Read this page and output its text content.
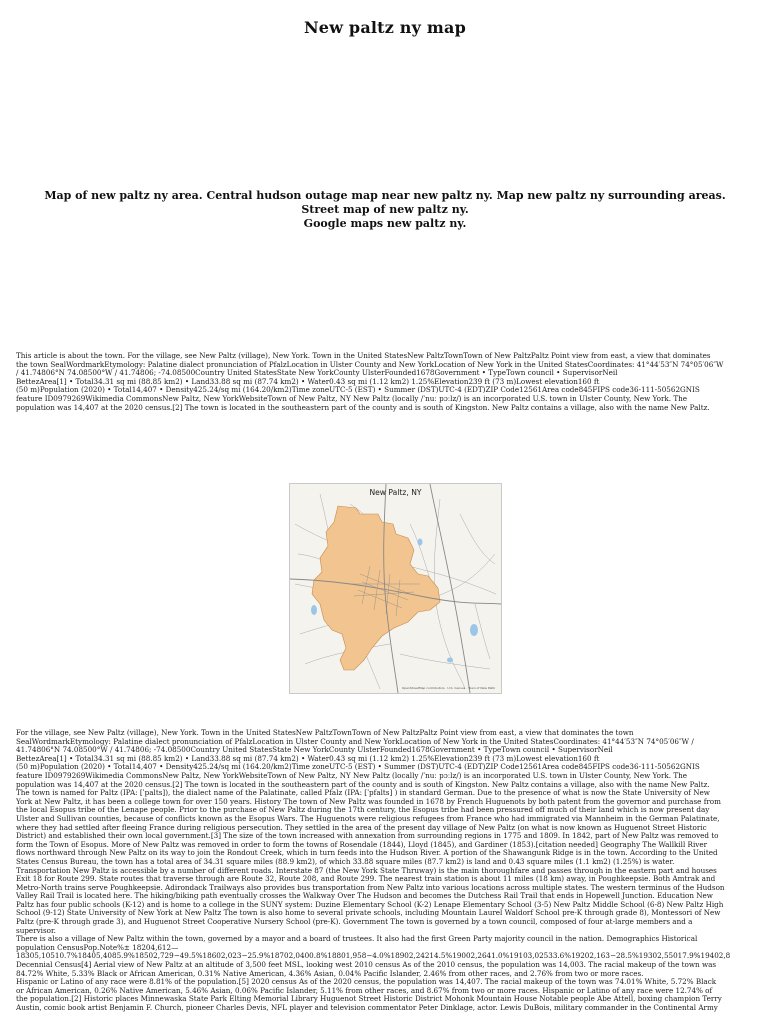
New paltz ny map
Map of new paltz ny area. Central hudson outage map near new paltz ny. Map new paltz ny surrounding areas.
Street map of new paltz ny.
Google maps new paltz ny.
This article is about the town. For the village, see New Paltz (village), New York. Town in the United StatesNew PaltzTownTown of New PaltzPaltz Point view from east, a view that dominates
the town SealWordmarkEtymology: Palatine dialect pronunciation of PfalzLocation in Ulster County and New YorkLocation of New York in the United StatesCoordinates: 41°44′53″N 74°05′06″W
/ 41.74806°N 74.08500°W / 41.74806; -74.08500Country United StatesState New YorkCounty UlsterFounded1678Government • TypeTown council • SupervisorNeil
BettezArea[1] • Total34.31 sq mi (88.85 km2) • Land33.88 sq mi (87.74 km2) • Water0.43 sq mi (1.12 km2) 1.25%Elevation239 ft (73 m)Lowest elevation160 ft
(50 m)Population (2020) • Total14,407 • Density425.24/sq mi (164.20/km2)Time zoneUTC-5 (EST) • Summer (DST)UTC-4 (EDT)ZIP Code12561Area code845FIPS code36-111-50562GNIS
feature ID0979269Wikimedia CommonsNew Paltz, New YorkWebsiteTown of New Paltz, NY New Paltz (locally /ˈnuː pɔːlz/) is an incorporated U.S. town in Ulster County, New York. The
population was 14,407 at the 2020 census.[2] The town is located in the southeastern part of the county and is south of Kingston. New Paltz contains a village, also with the name New Paltz.
New Paltz, NY
OpenStreetMap contributors · U.S. Census · Town of New Paltz
For the village, see New Paltz (village), New York. Town in the United StatesNew PaltzTownTown of New PaltzPaltz Point view from east, a view that dominates the town
SealWordmarkEtymology: Palatine dialect pronunciation of PfalzLocation in Ulster County and New YorkLocation of New York in the United StatesCoordinates: 41°44′53″N 74°05′06″W /
41.74806°N 74.08500°W / 41.74806; -74.08500Country United StatesState New YorkCounty UlsterFounded1678Government • TypeTown council • SupervisorNeil
BettezArea[1] • Total34.31 sq mi (88.85 km2) • Land33.88 sq mi (87.74 km2) • Water0.43 sq mi (1.12 km2) 1.25%Elevation239 ft (73 m)Lowest elevation160 ft
(50 m)Population (2020) • Total14,407 • Density425.24/sq mi (164.20/km2)Time zoneUTC-5 (EST) • Summer (DST)UTC-4 (EDT)ZIP Code12561Area code845FIPS code36-111-50562GNIS
feature ID0979269Wikimedia CommonsNew Paltz, New YorkWebsiteTown of New Paltz, NY New Paltz (locally /ˈnuː pɔːlz/) is an incorporated U.S. town in Ulster County, New York. The
population was 14,407 at the 2020 census.[2] The town is located in the southeastern part of the county and is south of Kingston. New Paltz contains a village, also with the name New Paltz.
The town is named for Paltz (IPA: [ˈpalts]), the dialect name of the Palatinate, called Pfalz (IPA: [ˈpfalts] ) in standard German. Due to the presence of what is now the State University of New
York at New Paltz, it has been a college town for over 150 years. History The town of New Paltz was founded in 1678 by French Huguenots by both patent from the governor and purchase from
the local Esopus tribe of the Lenape people. Prior to the purchase of New Paltz during the 17th century, the Esopus tribe had been pressured off much of their land which is now present day
Ulster and Sullivan counties, because of conflicts known as the Esopus Wars. The Huguenots were religious refugees from France who had immigrated via Mannheim in the German Palatinate,
where they had settled after fleeing France during religious persecution. They settled in the area of the present day village of New Paltz (on what is now known as Huguenot Street Historic
District) and established their own local government.[3] The size of the town increased with annexation from surrounding regions in 1775 and 1809. In 1842, part of New Paltz was removed to
form the Town of Esopus. More of New Paltz was removed in order to form the towns of Rosendale (1844), Lloyd (1845), and Gardiner (1853).[citation needed] Geography The Wallkill River
flows northward through New Paltz on its way to join the Rondout Creek, which in turn feeds into the Hudson River. A portion of the Shawangunk Ridge is in the town. According to the United
States Census Bureau, the town has a total area of 34.31 square miles (88.9 km2), of which 33.88 square miles (87.7 km2) is land and 0.43 square miles (1.1 km2) (1.25%) is water.
Transportation New Paltz is accessible by a number of different roads. Interstate 87 (the New York State Thruway) is the main thoroughfare and passes through in the eastern part and houses
Exit 18 for Route 299. State routes that traverse through are Route 32, Route 208, and Route 299. The nearest train station is about 11 miles (18 km) away, in Poughkeepsie. Both Amtrak and
Metro-North trains serve Poughkeepsie. Adirondack Trailways also provides bus transportation from New Paltz into various locations across multiple states. The western terminus of the Hudson
Valley Rail Trail is located here. The hiking/biking path eventually crosses the Walkway Over The Hudson and becomes the Dutchess Rail Trail that ends in Hopewell Junction. Education New
Paltz has four public schools (K-12) and is home to a college in the SUNY system: Duzine Elementary School (K-2) Lenape Elementary School (3-5) New Paltz Middle School (6-8) New Paltz High
School (9-12) State University of New York at New Paltz The town is also home to several private schools, including Mountain Laurel Waldorf School pre-K through grade 8), Montessori of New
Paltz (pre-K through grade 3), and Huguenot Street Cooperative Nursery School (pre-K). Government The town is governed by a town council, composed of four at-large members and a
supervisor.
There is also a village of New Paltz within the town, governed by a mayor and a board of trustees. It also had the first Green Party majority council in the nation. Demographics Historical
population CensusPop.Note%± 18204,612—
18305,10510.7%18405,4085.9%18502,729−49.5%18602,023−25.9%18702,0400.8%18801,958−4.0%18902,24214.5%19002,2641.0%19103,02533.6%19202,163−28.5%19302,55017.9%19402,8
Decennial Census[4] Aerial view of New Paltz at an altitude of 3,500 feet MSL, looking west 2010 census As of the 2010 census, the population was 14,003. The racial makeup of the town was
84.72% White, 5.33% Black or African American, 0.31% Native American, 4.36% Asian, 0.04% Pacific Islander, 2.46% from other races, and 2.76% from two or more races.
Hispanic or Latino of any race were 8.81% of the population.[5] 2020 census As of the 2020 census, the population was 14,407. The racial makeup of the town was 74.01% White, 5.72% Black
or African American, 0.26% Native American, 5.46% Asian, 0.06% Pacific Islander, 5.11% from other races, and 8.67% from two or more races. Hispanic or Latino of any race were 12.74% of
the population.[2] Historic places Minnewaska State Park Elting Memorial Library Huguenot Street Historic District Mohonk Mountain House Notable people Abe Attell, boxing champion Terry
Austin, comic book artist Benjamin F. Church, pioneer Charles Devis, NFL player and television commentator Peter Dinklage, actor. Lewis DuBois, military commander in the Continental Army
